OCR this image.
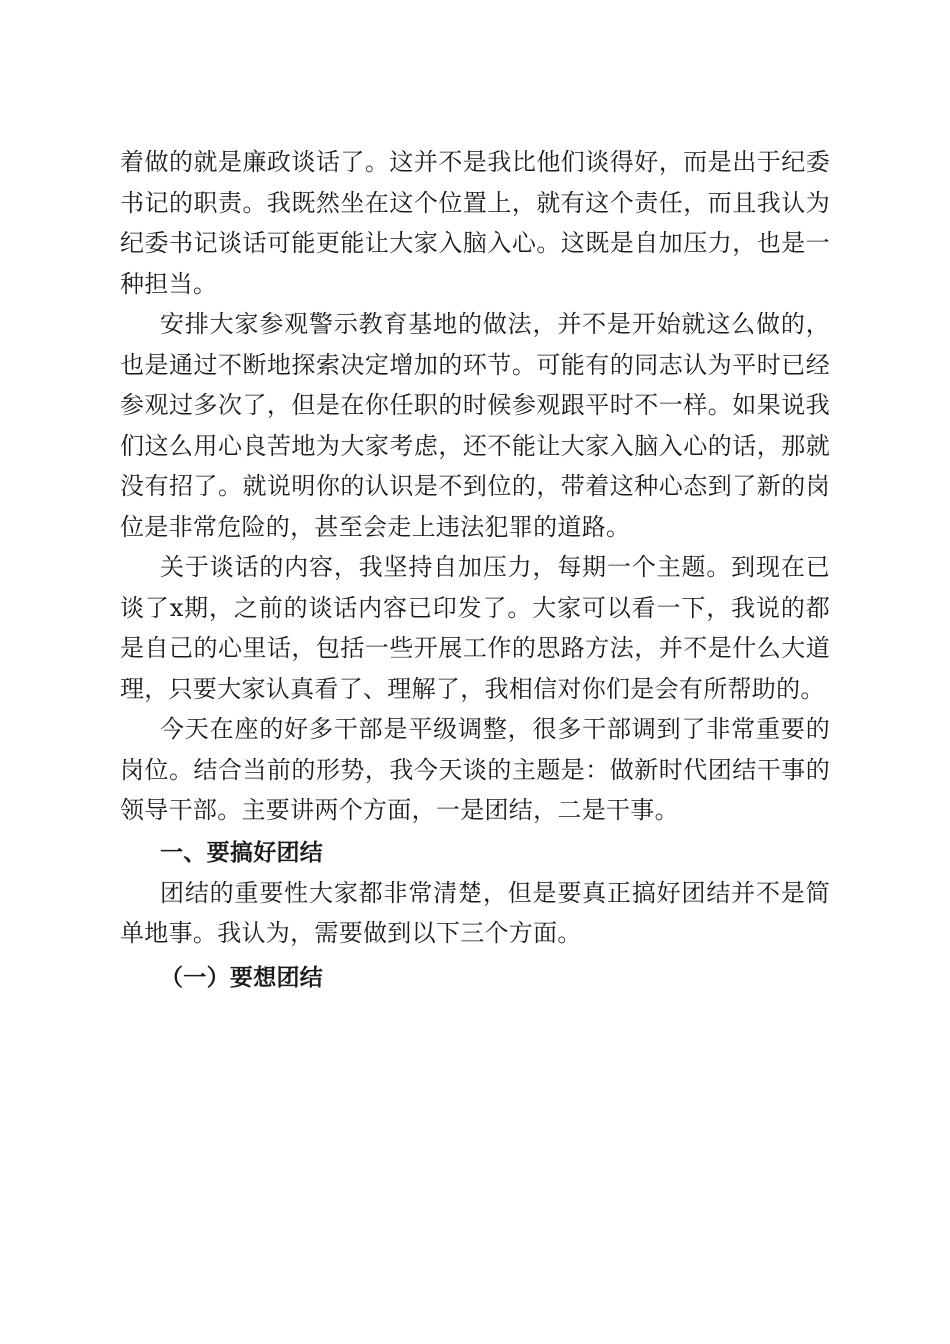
着做的就是廉政谈话了。这并不是我比他们谈得好，而是出于纪委书记的职责。我既然坐在这个位置上，就有这个责任，而且我认为纪委书记谈话可能更能让大家入脑入心。这既是自加压力，也是一种担当。

安排大家参观警示教育基地的做法，并不是开始就这么做的，也是通过不断地探索决定增加的环节。可能有的同志认为平时已经参观过多次了，但是在你任职的时候参观跟平时不一样。如果说我们这么用心良苦地为大家考虑，还不能让大家入脑入心的话，那就没有招了。就说明你的认识是不到位的，带着这种心态到了新的岗位是非常危险的，甚至会走上违法犯罪的道路。

关于谈话的内容，我坚持自加压力，每期一个主题。到现在已谈了x期，之前的谈话内容已印发了。大家可以看一下，我说的都是自己的心里话，包括一些开展工作的思路方法，并不是什么大道理，只要大家认真看了、理解了，我相信对你们是会有所帮助的。

今天在座的好多干部是平级调整，很多干部调到了非常重要的岗位。结合当前的形势，我今天谈的主题是：做新时代团结干事的领导干部。主要讲两个方面，一是团结，二是干事。

一、要搞好团结

团结的重要性大家都非常清楚，但是要真正搞好团结并不是简单地事。我认为，需要做到以下三个方面。

（一）要想团结
